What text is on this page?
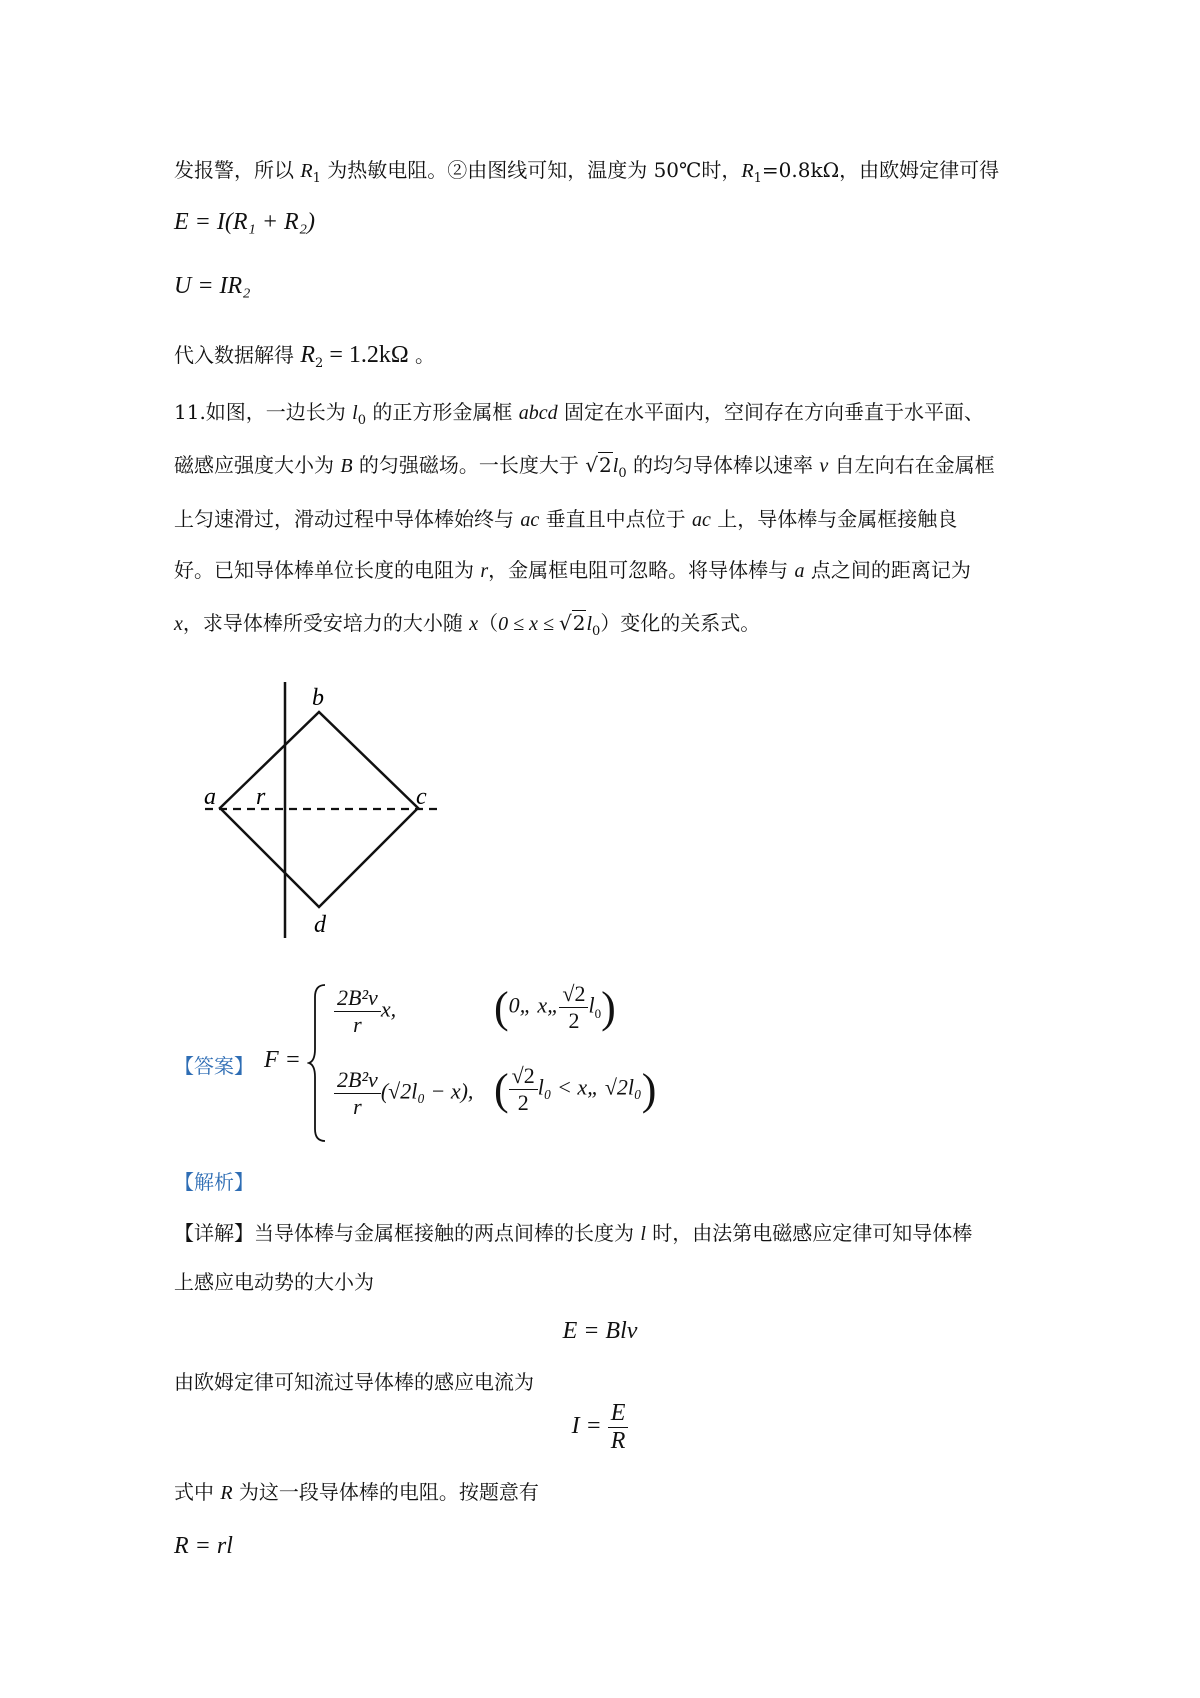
发报警，所以 $R_1$ 为热敏电阻。②由图线可知，温度为 50℃时，$R_1=0.8k\Omega$，由欧姆定律可得
E = I(R₁ + R₂)
U = IR₂
代入数据解得 $R_2 = 1.2k\Omega$ 。
11.如图，一边长为 $l_0$ 的正方形金属框 abcd 固定在水平面内，空间存在方向垂直于水平面、
磁感应强度大小为 B 的匀强磁场。一长度大于 $√2l_0$ 的均匀导体棒以速率 v 自左向右在金属框
上匀速滑过，滑动过程中导体棒始终与 ac 垂直且中点位于 ac 上，导体棒与金属框接触良
好。已知导体棒单位长度的电阻为 r，金属框电阻可忽略。将导体棒与 a 点之间的距离记为
x，求导体棒所受安培力的大小随 $x(0 \le x \le √2l_0)$变化的关系式。
b
a r	c
d
【答案】 F =
$\frac{\text{2B²v}}{r} x$, (0„ x„ $\frac{√2}{2} l_0$)
$\frac{\text{2B²v}}{r} (√2l_0 - x)$, ( $\frac{√2}{2} l_0$ < x„ √2l₀)
【解析】
【详解】当导体棒与金属框接触的两点间棒的长度为 l 时，由法第电磁感应定律可知导体棒
上感应电动势的大小为
E = Blv
由欧姆定律可知流过导体棒的感应电流为
$I = \frac{E}{R}$
式中 R 为这一段导体棒的电阻。按题意有
R = rl
